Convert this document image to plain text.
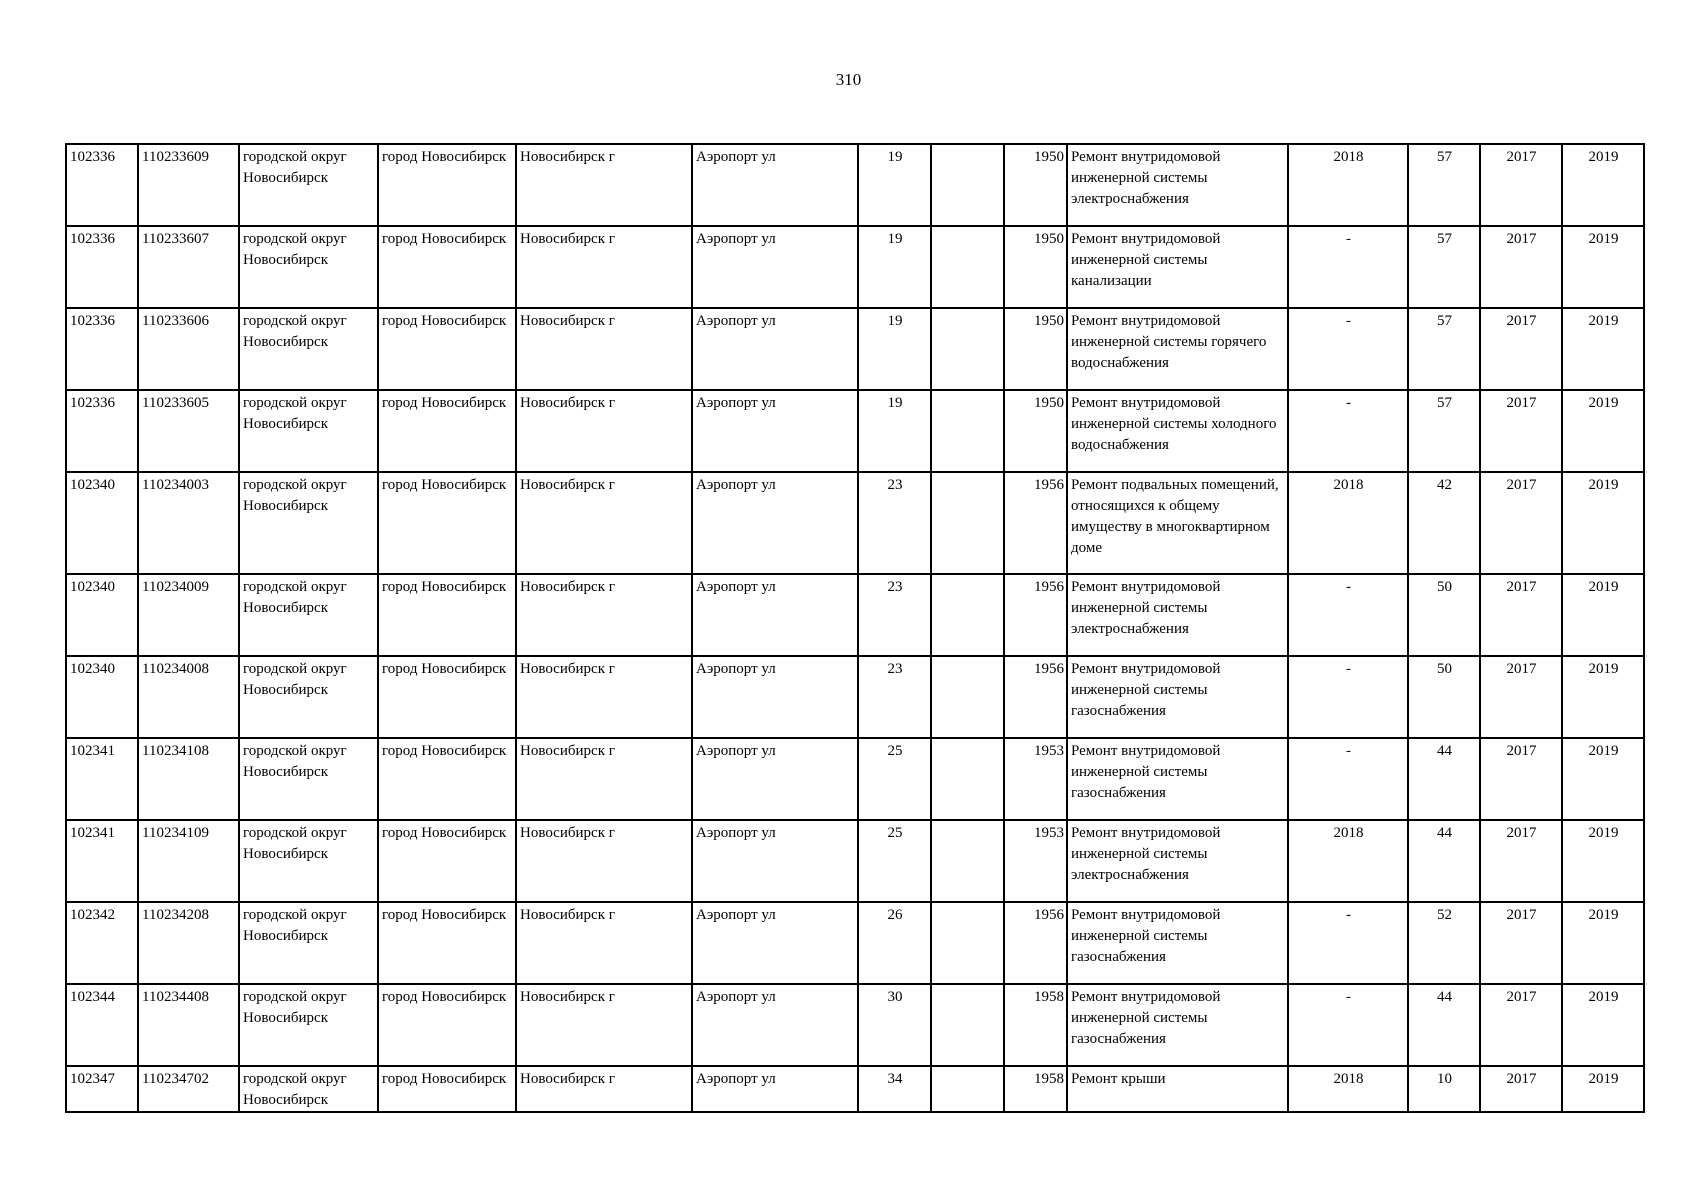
310
102336	110233609	городской округ Новосибирск	город Новосибирск	Новосибирск г	Аэропорт ул	19		1950	Ремонт внутридомовой инженерной системы электроснабжения	2018	57	2017	2019
102336	110233607	городской округ Новосибирск	город Новосибирск	Новосибирск г	Аэропорт ул	19		1950	Ремонт внутридомовой инженерной системы канализации	-	57	2017	2019
102336	110233606	городской округ Новосибирск	город Новосибирск	Новосибирск г	Аэропорт ул	19		1950	Ремонт внутридомовой инженерной системы горячего водоснабжения	-	57	2017	2019
102336	110233605	городской округ Новосибирск	город Новосибирск	Новосибирск г	Аэропорт ул	19		1950	Ремонт внутридомовой инженерной системы холодного водоснабжения	-	57	2017	2019
102340	110234003	городской округ Новосибирск	город Новосибирск	Новосибирск г	Аэропорт ул	23		1956	Ремонт подвальных помещений, относящихся к общему имуществу в многоквартирном доме	2018	42	2017	2019
102340	110234009	городской округ Новосибирск	город Новосибирск	Новосибирск г	Аэропорт ул	23		1956	Ремонт внутридомовой инженерной системы электроснабжения	-	50	2017	2019
102340	110234008	городской округ Новосибирск	город Новосибирск	Новосибирск г	Аэропорт ул	23		1956	Ремонт внутридомовой инженерной системы газоснабжения	-	50	2017	2019
102341	110234108	городской округ Новосибирск	город Новосибирск	Новосибирск г	Аэропорт ул	25		1953	Ремонт внутридомовой инженерной системы газоснабжения	-	44	2017	2019
102341	110234109	городской округ Новосибирск	город Новосибирск	Новосибирск г	Аэропорт ул	25		1953	Ремонт внутридомовой инженерной системы электроснабжения	2018	44	2017	2019
102342	110234208	городской округ Новосибирск	город Новосибирск	Новосибирск г	Аэропорт ул	26		1956	Ремонт внутридомовой инженерной системы газоснабжения	-	52	2017	2019
102344	110234408	городской округ Новосибирск	город Новосибирск	Новосибирск г	Аэропорт ул	30		1958	Ремонт внутридомовой инженерной системы газоснабжения	-	44	2017	2019
102347	110234702	городской округ Новосибирск	город Новосибирск	Новосибирск г	Аэропорт ул	34		1958	Ремонт крыши	2018	10	2017	2019
